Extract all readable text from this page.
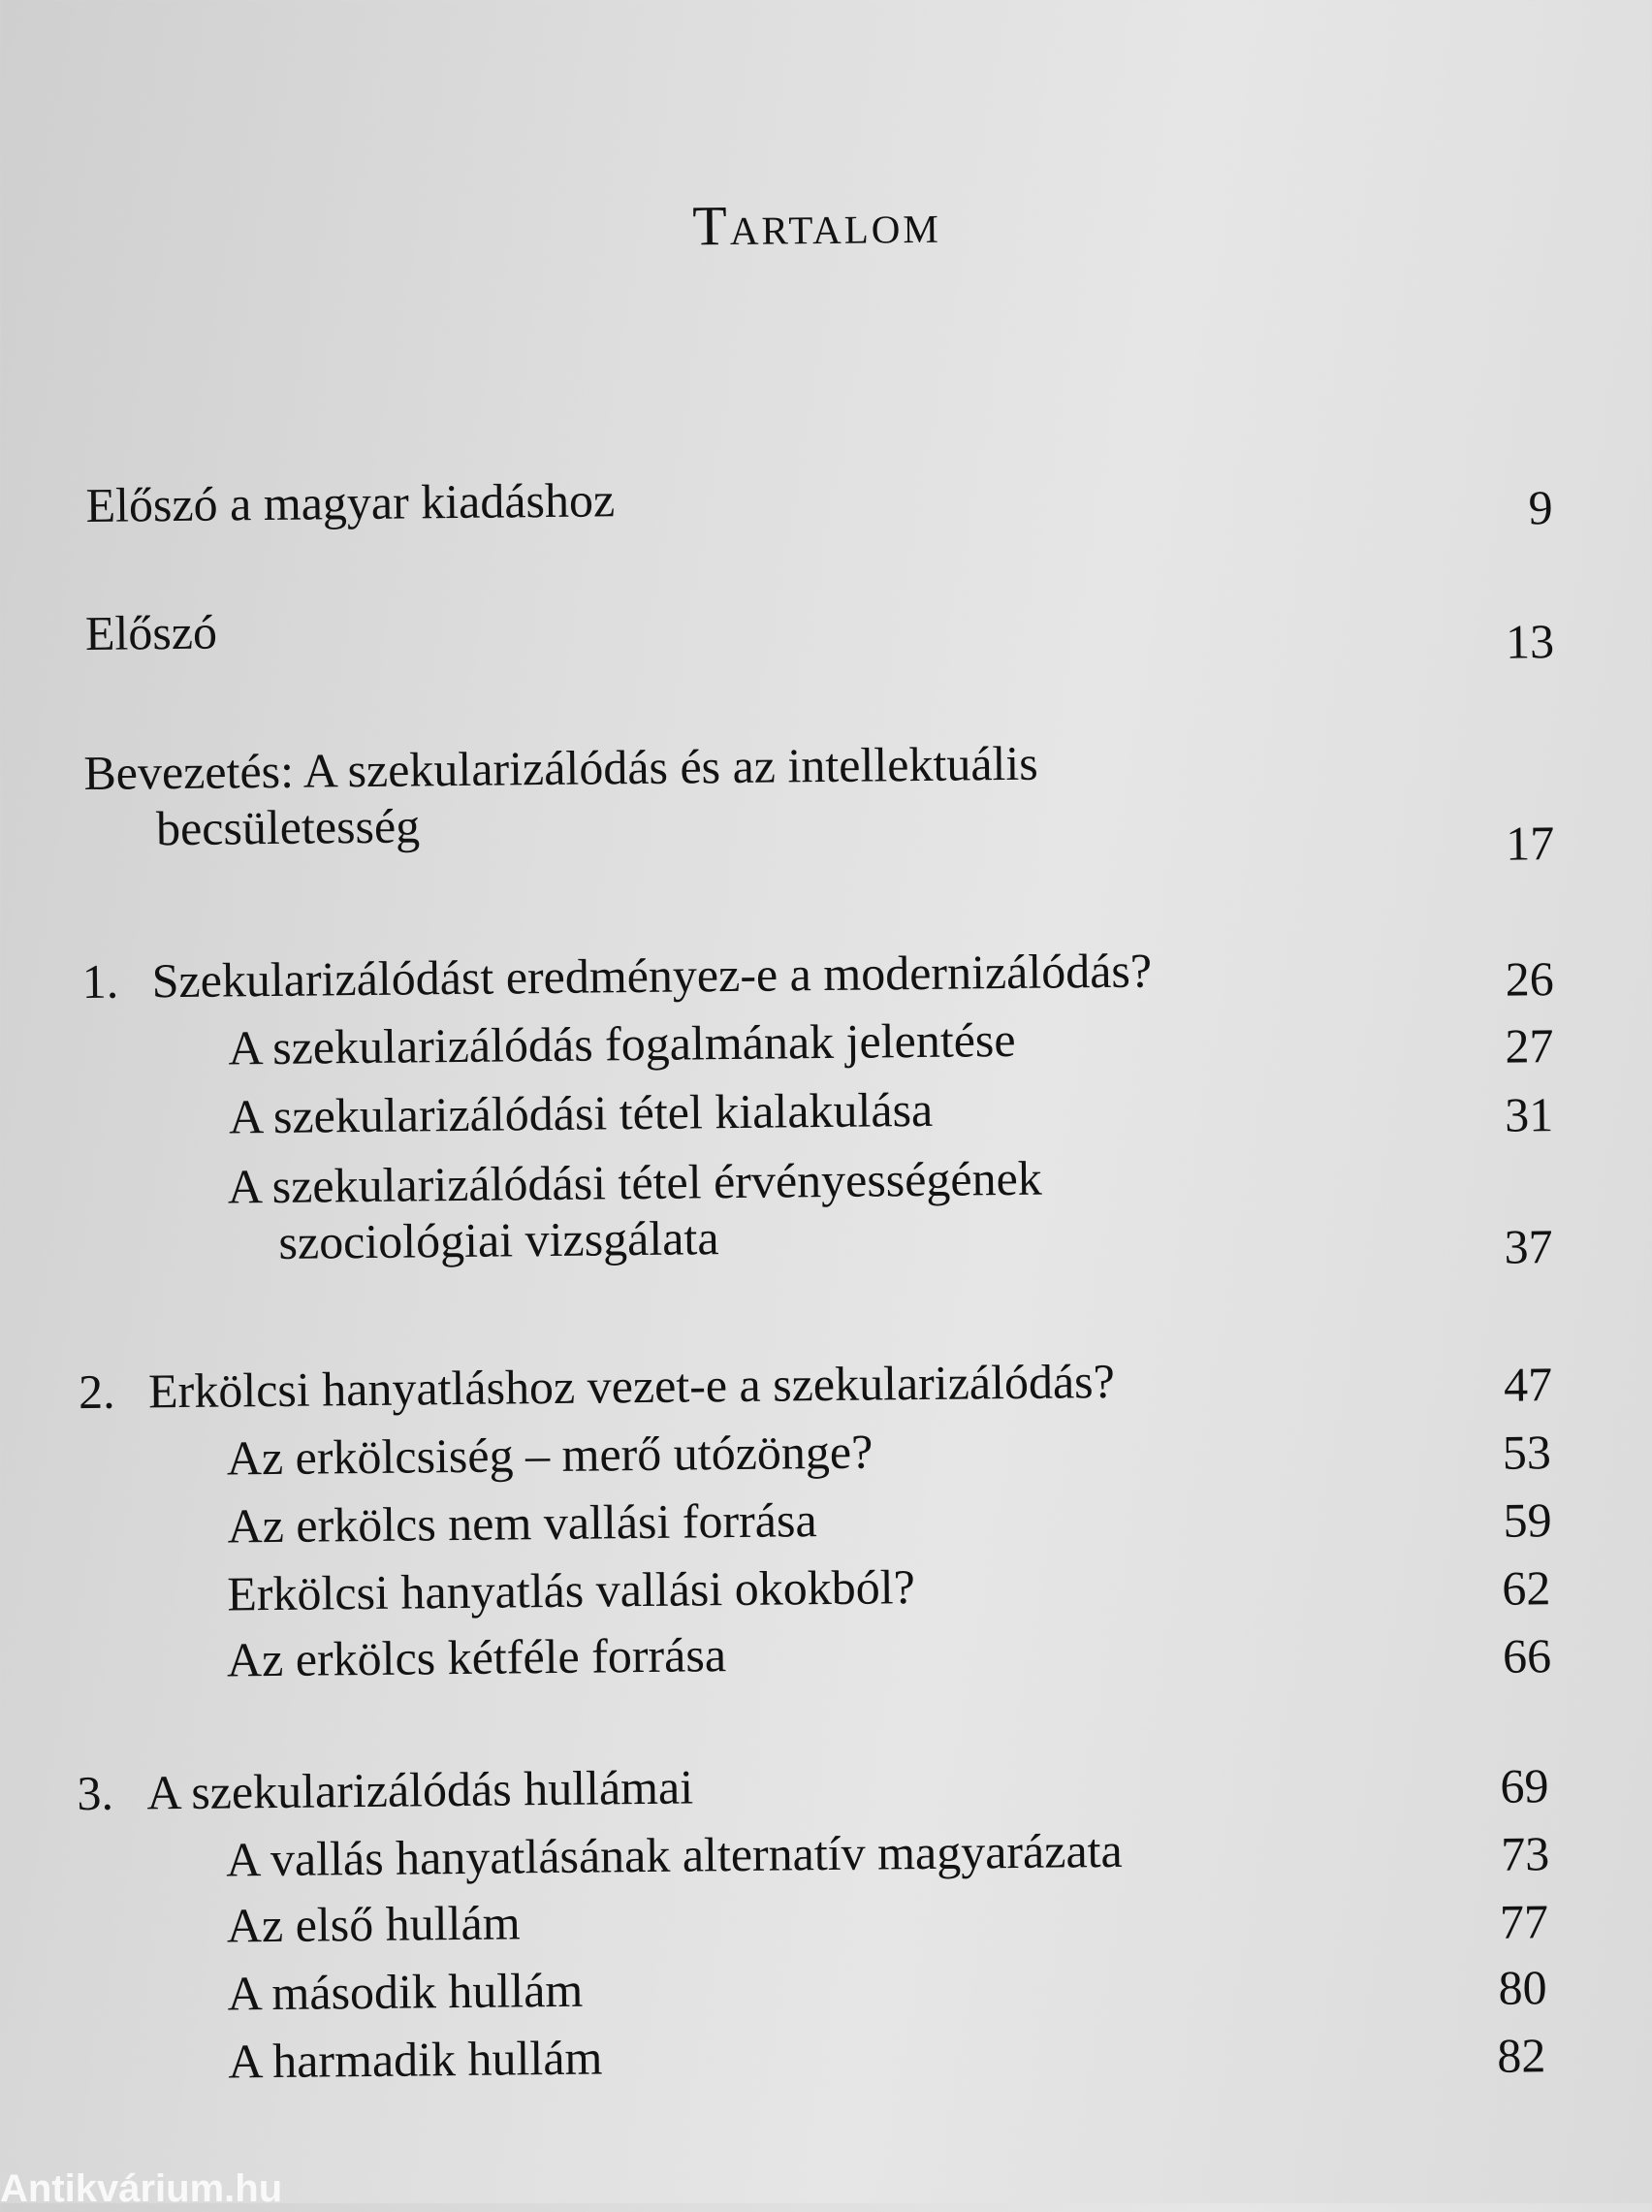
Tartalom
Előszó a magyar kiadáshoz	9
Előszó	13
Bevezetés: A szekularizálódás és az intellektuális
becsületesség	17
1. Szekularizálódást eredményez-e a modernizálódás?	26
A szekularizálódás fogalmának jelentése	27
A szekularizálódási tétel kialakulása	31
A szekularizálódási tétel érvényességének
szociológiai vizsgálata	37
2. Erkölcsi hanyatláshoz vezet-e a szekularizálódás?	47
Az erkölcsiség – merő utózönge?	53
Az erkölcs nem vallási forrása	59
Erkölcsi hanyatlás vallási okokból?	62
Az erkölcs kétféle forrása	66
3. A szekularizálódás hullámai	69
A vallás hanyatlásának alternatív magyarázata	73
Az első hullám	77
A második hullám	80
A harmadik hullám	82
Antikvárium.hu
